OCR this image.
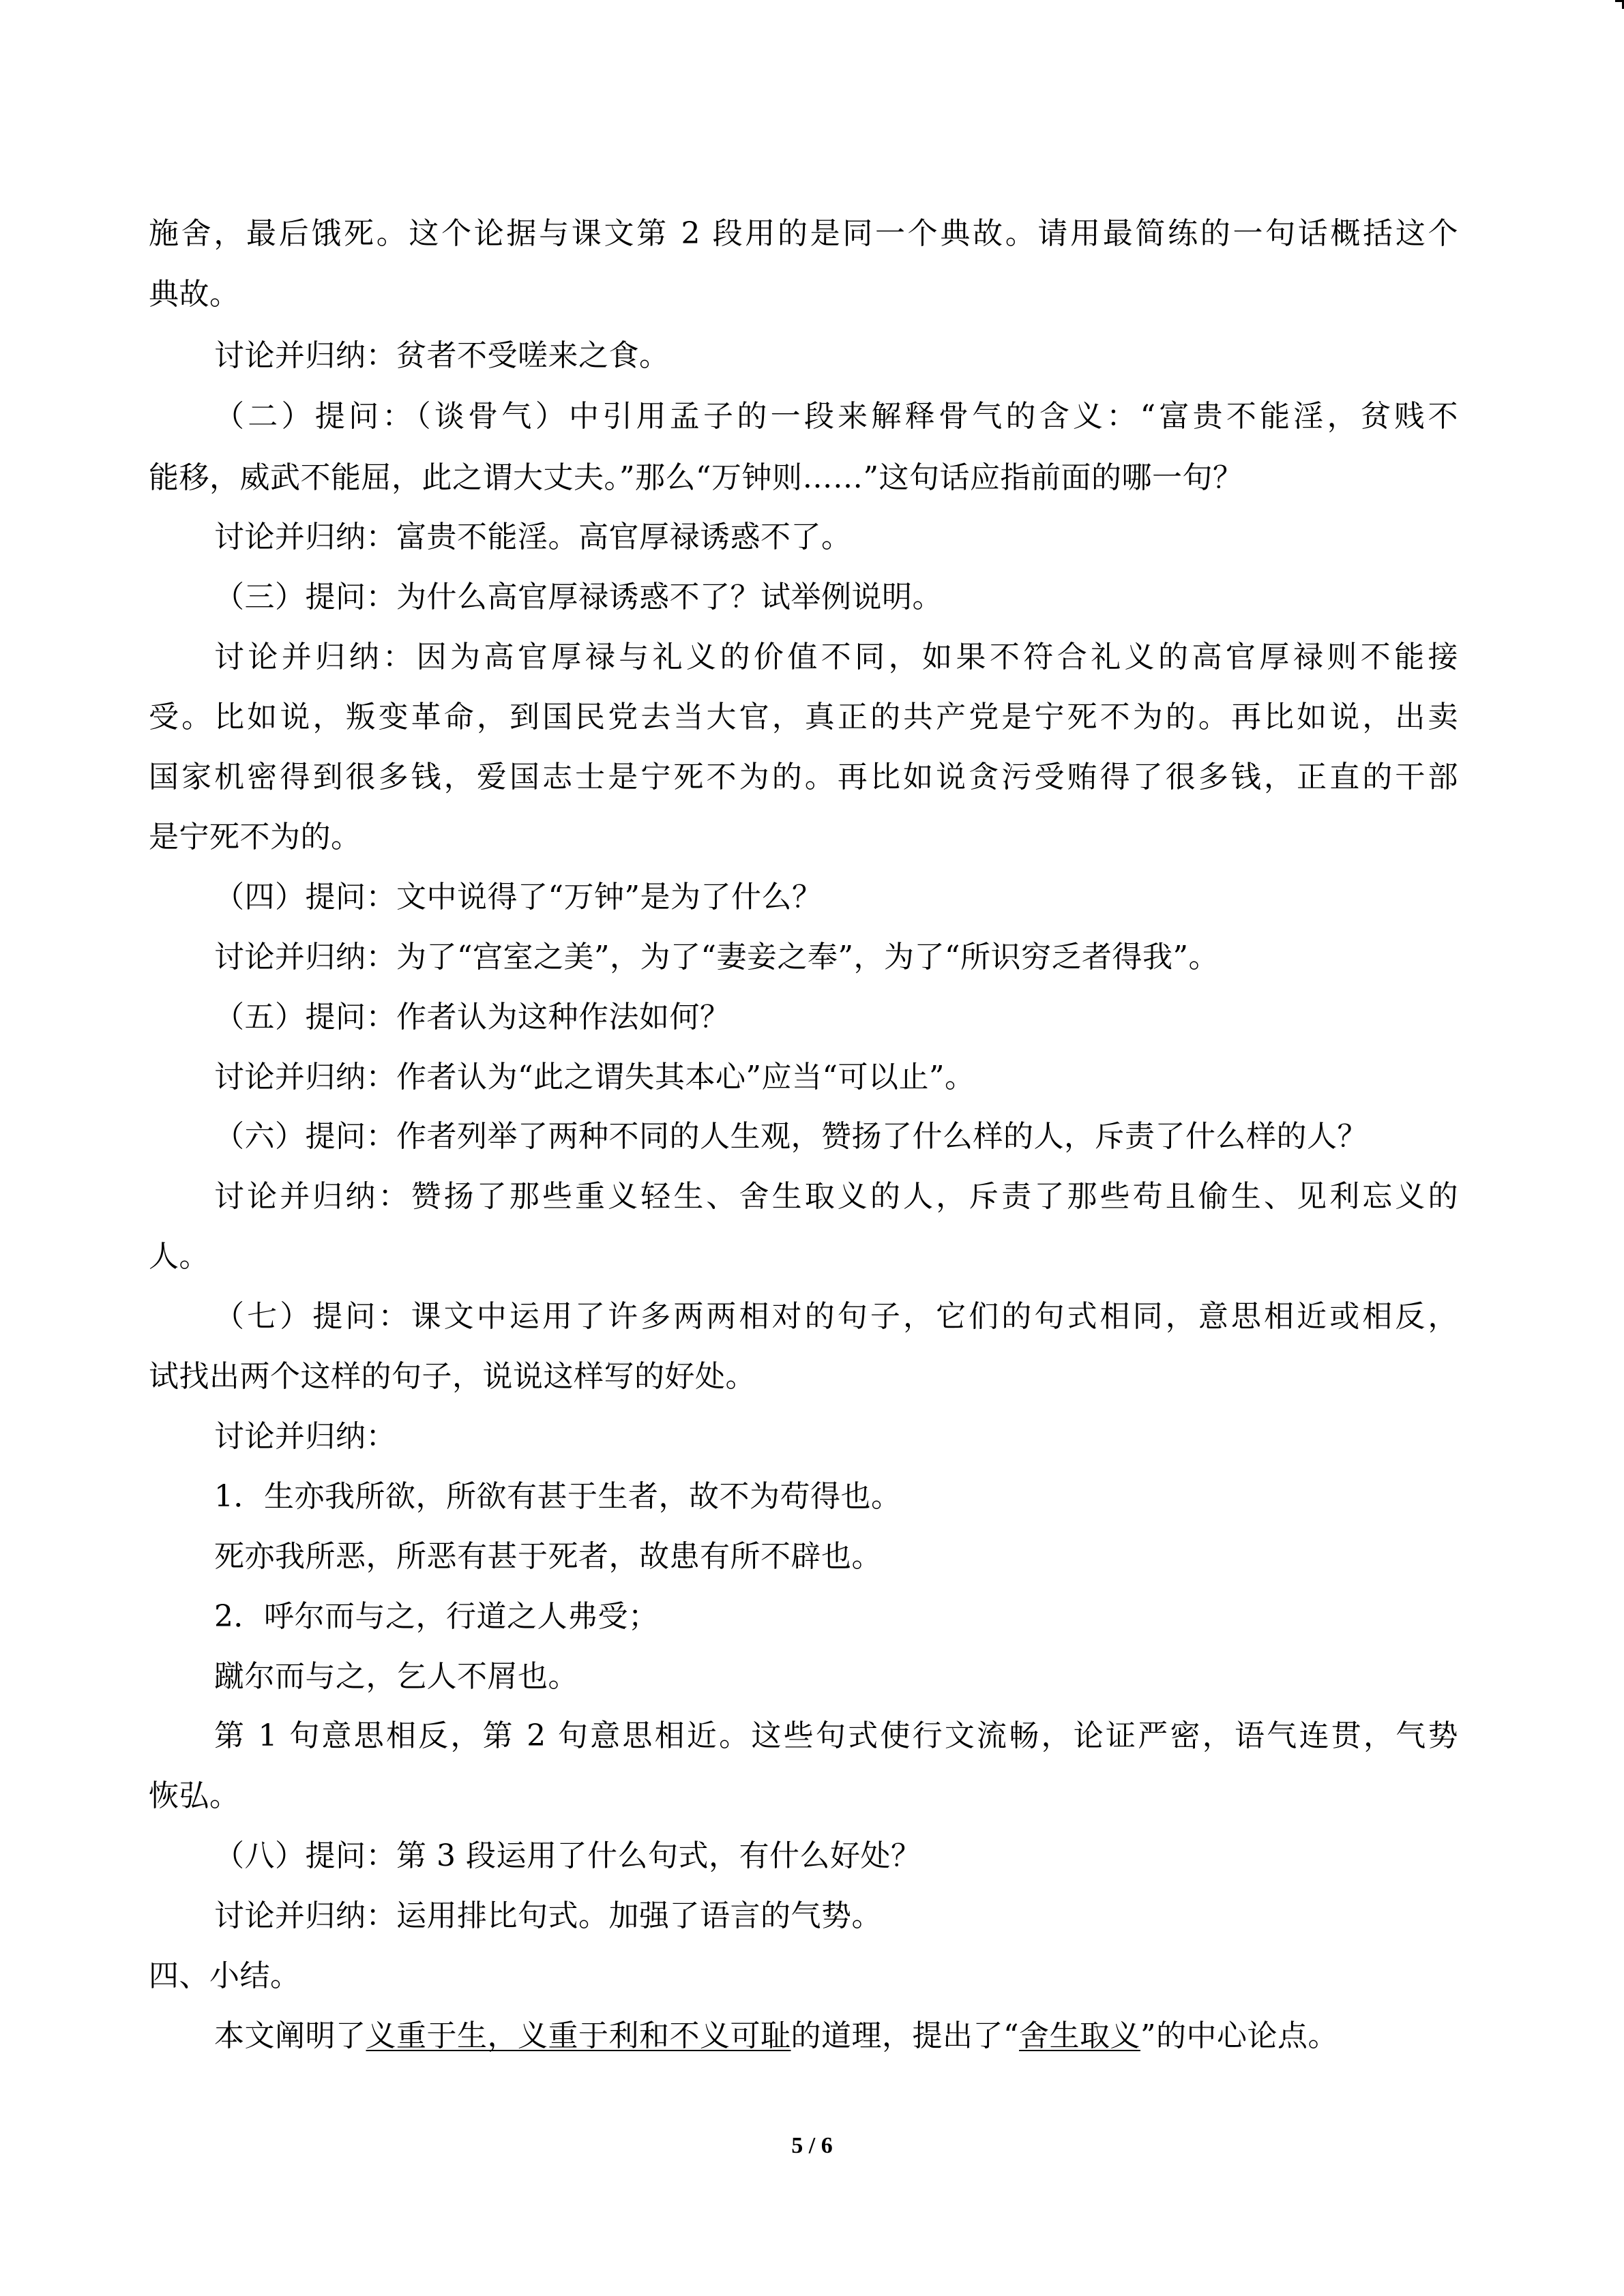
施舍，最后饿死。这个论据与课文第 2 段用的是同一个典故。请用最简练的一句话概括这个
典故。
讨论并归纳：贫者不受嗟来之食。
（二）提问：（谈骨气）中引用孟子的一段来解释骨气的含义：“富贵不能淫，贫贱不
能移，威武不能屈，此之谓大丈夫。”那么“万钟则……”这句话应指前面的哪一句？
讨论并归纳：富贵不能淫。高官厚禄诱惑不了。
（三）提问：为什么高官厚禄诱惑不了？试举例说明。
讨论并归纳：因为高官厚禄与礼义的价值不同，如果不符合礼义的高官厚禄则不能接
受。比如说，叛变革命，到国民党去当大官，真正的共产党是宁死不为的。再比如说，出卖
国家机密得到很多钱，爱国志士是宁死不为的。再比如说贪污受贿得了很多钱，正直的干部
是宁死不为的。
（四）提问：文中说得了“万钟”是为了什么？
讨论并归纳：为了“宫室之美”，为了“妻妾之奉”，为了“所识穷乏者得我”。
（五）提问：作者认为这种作法如何？
讨论并归纳：作者认为“此之谓失其本心”应当“可以止”。
（六）提问：作者列举了两种不同的人生观，赞扬了什么样的人，斥责了什么样的人？
讨论并归纳：赞扬了那些重义轻生、舍生取义的人，斥责了那些苟且偷生、见利忘义的
人。
（七）提问：课文中运用了许多两两相对的句子，它们的句式相同，意思相近或相反，
试找出两个这样的句子，说说这样写的好处。
讨论并归纳：
1．生亦我所欲，所欲有甚于生者，故不为苟得也。
死亦我所恶，所恶有甚于死者，故患有所不辟也。
2．呼尔而与之，行道之人弗受；
蹴尔而与之，乞人不屑也。
第 1 句意思相反，第 2 句意思相近。这些句式使行文流畅，论证严密，语气连贯，气势
恢弘。
（八）提问：第 3 段运用了什么句式，有什么好处？
讨论并归纳：运用排比句式。加强了语言的气势。
四、小结。
本文阐明了义重于生，义重于利和不义可耻的道理，提出了“舍生取义”的中心论点。
5 / 6
